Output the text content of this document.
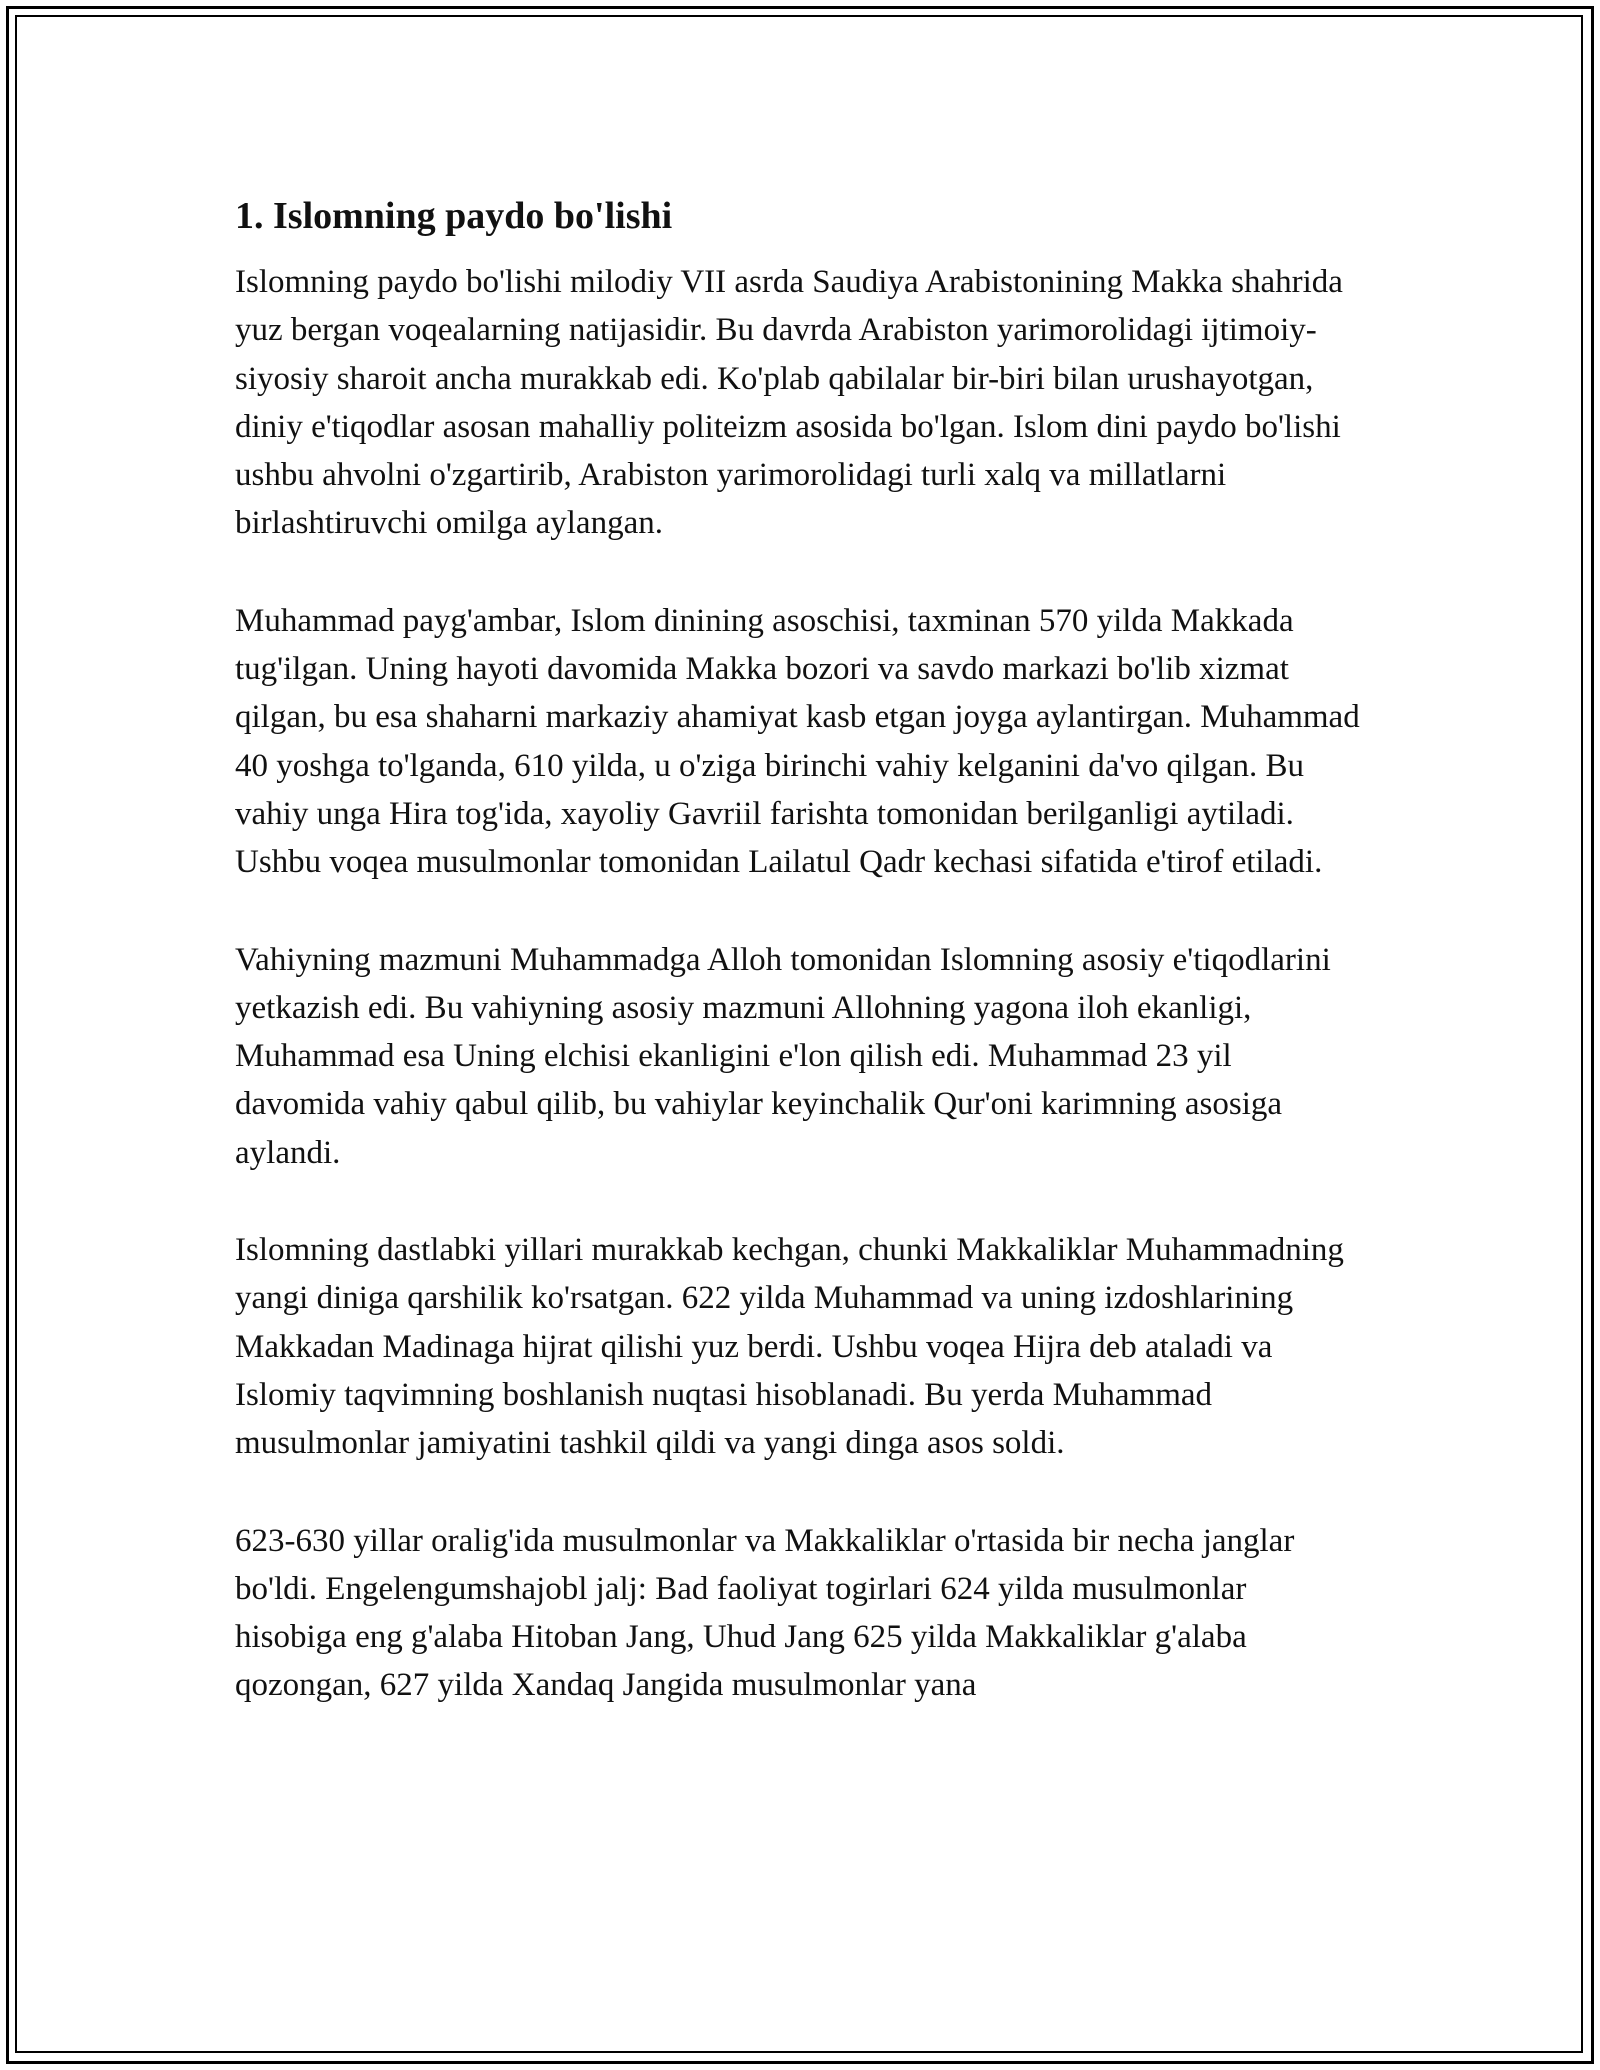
1. Islomning paydo bo'lishi

Islomning paydo bo'lishi milodiy VII asrda Saudiya Arabistonining Makka shahrida yuz bergan voqealarning natijasidir. Bu davrda Arabiston yarimorolidagi ijtimoiy-siyosiy sharoit ancha murakkab edi. Ko'plab qabilalar bir-biri bilan urushayotgan, diniy e'tiqodlar asosan mahalliy politeizm asosida bo'lgan. Islom dini paydo bo'lishi ushbu ahvolni o'zgartirib, Arabiston yarimorolidagi turli xalq va millatlarni birlashtiruvchi omilga aylangan.

Muhammad payg'ambar, Islom dinining asoschisi, taxminan 570 yilda Makkada tug'ilgan. Uning hayoti davomida Makka bozori va savdo markazi bo'lib xizmat qilgan, bu esa shaharni markaziy ahamiyat kasb etgan joyga aylantirgan. Muhammad 40 yoshga to'lganda, 610 yilda, u o'ziga birinchi vahiy kelganini da'vo qilgan. Bu vahiy unga Hira tog'ida, xayoliy Gavriil farishta tomonidan berilganligi aytiladi. Ushbu voqea musulmonlar tomonidan Lailatul Qadr kechasi sifatida e'tirof etiladi.

Vahiyning mazmuni Muhammadga Alloh tomonidan Islomning asosiy e'tiqodlarini yetkazish edi. Bu vahiyning asosiy mazmuni Allohning yagona iloh ekanligi, Muhammad esa Uning elchisi ekanligini e'lon qilish edi. Muhammad 23 yil davomida vahiy qabul qilib, bu vahiylar keyinchalik Qur'oni karimning asosiga aylandi.

Islomning dastlabki yillari murakkab kechgan, chunki Makkaliklar Muhammadning yangi diniga qarshilik ko'rsatgan. 622 yilda Muhammad va uning izdoshlarining Makkadan Madinaga hijrat qilishi yuz berdi. Ushbu voqea Hijra deb ataladi va Islomiy taqvimning boshlanish nuqtasi hisoblanadi. Bu yerda Muhammad musulmonlar jamiyatini tashkil qildi va yangi dinga asos soldi.

623-630 yillar oralig'ida musulmonlar va Makkaliklar o'rtasida bir necha janglar bo'ldi. Engelengumshajobl jalj: Bad faoliyat togirlari 624 yilda musulmonlar hisobiga eng g'alaba Hitoban Jang, Uhud Jang 625 yilda Makkaliklar g'alaba qozongan, 627 yilda Xandaq Jangida musulmonlar yana
